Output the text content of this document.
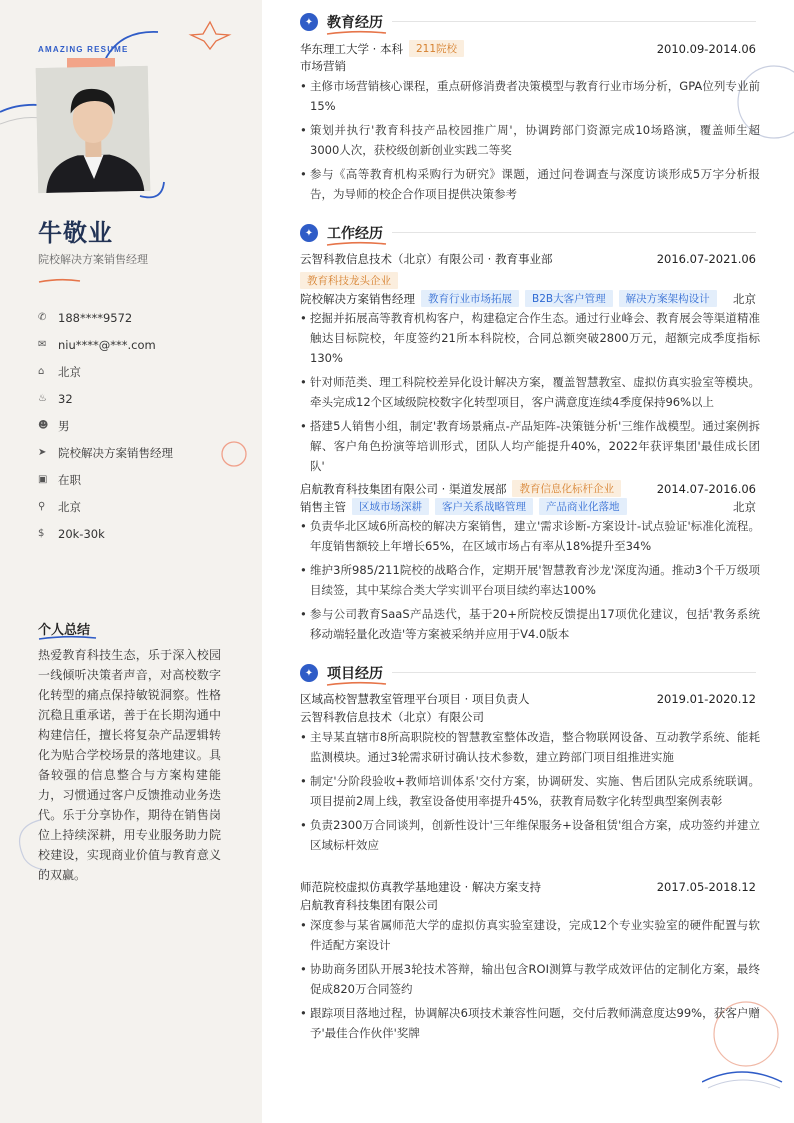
AMAZING RESUME
牛敬业
院校解决方案销售经理
✆	188****9572
✉	niu****@***.com
⌂	北京
♨ 32
☻ 男
➤	院校解决方案销售经理
▣ 在职
⚲	北京
$	20k-30k
个人总结
热爱教育科技生态，乐于深入校园一线倾听决策者声音，对高校数字化转型的痛点保持敏锐洞察。性格沉稳且重承诺，善于在长期沟通中构建信任，擅长将复杂产品逻辑转化为贴合学校场景的落地建议。具备较强的信息整合与方案构建能力，习惯通过客户反馈推动业务迭代。乐于分享协作，期待在销售岗位上持续深耕，用专业服务助力院校建设，实现商业价值与教育意义的双赢。
✦ 教育经历
华东理工大学 · 本科	211院校	2010.09-2014.06
市场营销
• 主修市场营销核心课程，重点研修消费者决策模型与教育行业市场分析，GPA位列专业前15%
• 策划并执行'教育科技产品校园推广周'，协调跨部门资源完成10场路演，覆盖师生超3000人次，获校级创新创业实践二等奖
• 参与《高等教育机构采购行为研究》课题，通过问卷调查与深度访谈形成5万字分析报告，为导师的校企合作项目提供决策参考
✦ 工作经历
云智科教信息技术（北京）有限公司 · 教育事业部	2016.07-2021.06
教育科技龙头企业
院校解决方案销售经理	教育行业市场拓展	B2B大客户管理	解决方案架构设计	北京
• 挖掘并拓展高等教育机构客户，构建稳定合作生态。通过行业峰会、教育展会等渠道精准触达目标院校，年度签约21所本科院校，合同总额突破2800万元，超额完成季度指标130%
• 针对师范类、理工科院校差异化设计解决方案，覆盖智慧教室、虚拟仿真实验室等模块。牵头完成12个区域级院校数字化转型项目，客户满意度连续4季度保持96%以上
• 搭建5人销售小组，制定'教育场景痛点-产品矩阵-决策链分析'三维作战模型。通过案例拆解、客户角色扮演等培训形式，团队人均产能提升40%，2022年获评集团'最佳成长团队'
启航教育科技集团有限公司 · 渠道发展部	教育信息化标杆企业	2014.07-2016.06
销售主管	区域市场深耕	客户关系战略管理	产品商业化落地	北京
• 负责华北区域6所高校的解决方案销售，建立'需求诊断-方案设计-试点验证'标准化流程。年度销售额较上年增长65%，在区域市场占有率从18%提升至34%
• 维护3所985/211院校的战略合作，定期开展'智慧教育沙龙'深度沟通。推动3个千万级项目续签，其中某综合类大学实训平台项目续约率达100%
• 参与公司教育SaaS产品迭代，基于20+所院校反馈提出17项优化建议，包括'教务系统移动端轻量化改造'等方案被采纳并应用于V4.0版本
✦ 项目经历
区域高校智慧教室管理平台项目 · 项目负责人	2019.01-2020.12
云智科教信息技术（北京）有限公司
• 主导某直辖市8所高职院校的智慧教室整体改造，整合物联网设备、互动教学系统、能耗监测模块。通过3轮需求研讨确认技术参数，建立跨部门项目组推进实施
• 制定'分阶段验收+教师培训体系'交付方案，协调研发、实施、售后团队完成系统联调。项目提前2周上线，教室设备使用率提升45%，获教育局数字化转型典型案例表彰
• 负责2300万合同谈判，创新性设计'三年维保服务+设备租赁'组合方案，成功签约并建立区域标杆效应
师范院校虚拟仿真教学基地建设 · 解决方案支持	2017.05-2018.12
启航教育科技集团有限公司
• 深度参与某省属师范大学的虚拟仿真实验室建设，完成12个专业实验室的硬件配置与软件适配方案设计
• 协助商务团队开展3轮技术答辩，输出包含ROI测算与教学成效评估的定制化方案，最终促成820万合同签约
• 跟踪项目落地过程，协调解决6项技术兼容性问题，交付后教师满意度达99%，获客户赠予'最佳合作伙伴'奖牌
